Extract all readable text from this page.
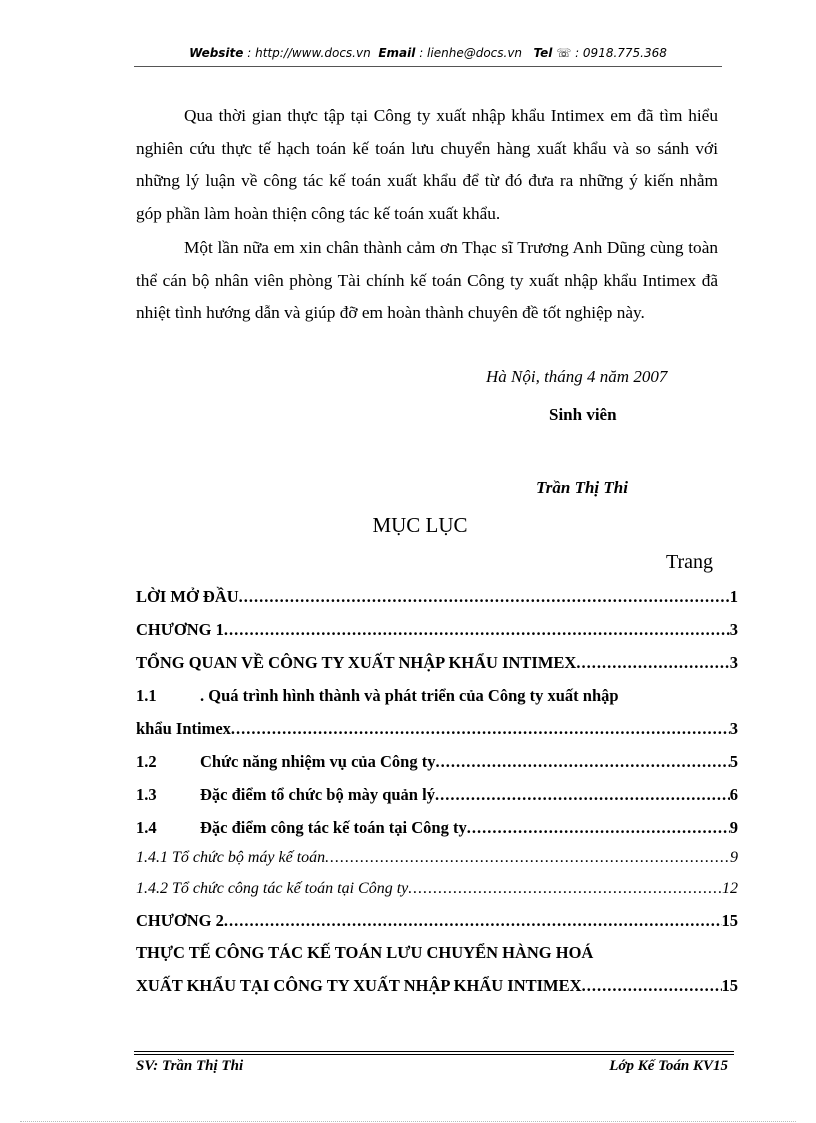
Website : http://www.docs.vn Email : lienhe@docs.vn Tel ☏ : 0918.775.368
Qua thời gian thực tập tại Công ty xuất nhập khẩu Intimex em đã tìm hiểu nghiên cứu thực tế hạch toán kế toán lưu chuyển hàng xuất khẩu và so sánh với những lý luận về công tác kế toán xuất khẩu để từ đó đưa ra những ý kiến nhằm góp phần làm hoàn thiện công tác kế toán xuất khẩu.
Một lần nữa em xin chân thành cảm ơn Thạc sĩ Trương Anh Dũng cùng toàn thể cán bộ nhân viên phòng Tài chính kế toán Công ty xuất nhập khẩu Intimex đã nhiệt tình hướng dẫn và giúp đỡ em hoàn thành chuyên đề tốt nghiệp này.
Hà Nội, tháng 4 năm 2007
Sinh viên
Trần Thị Thi
MỤC LỤC
Trang
LỜI MỞ ĐẦU .....	1
CHƯƠNG 1 .....	3
TỔNG QUAN VỀ CÔNG TY XUẤT NHẬP KHẨU INTIMEX .....	3
1.1	. Quá trình hình thành và phát triển của Công ty xuất nhập
khẩu Intimex .....	3
1.2	Chức năng nhiệm vụ của Công ty .....	5
1.3	Đặc điểm tổ chức bộ mày quản lý .....	6
1.4	Đặc điểm công tác kế toán tại Công ty .....	9
1.4.1 Tổ chức bộ máy kế toán .....	9
1.4.2 Tổ chức công tác kế toán tại Công ty .....	12
CHƯƠNG 2 .....	15
THỰC TẾ CÔNG TÁC KẾ TOÁN LƯU CHUYỂN HÀNG HOÁ
XUẤT KHẨU TẠI CÔNG TY XUẤT NHẬP KHẨU INTIMEX .....	15
SV: Trần Thị Thi	Lớp Kế Toán KV15
